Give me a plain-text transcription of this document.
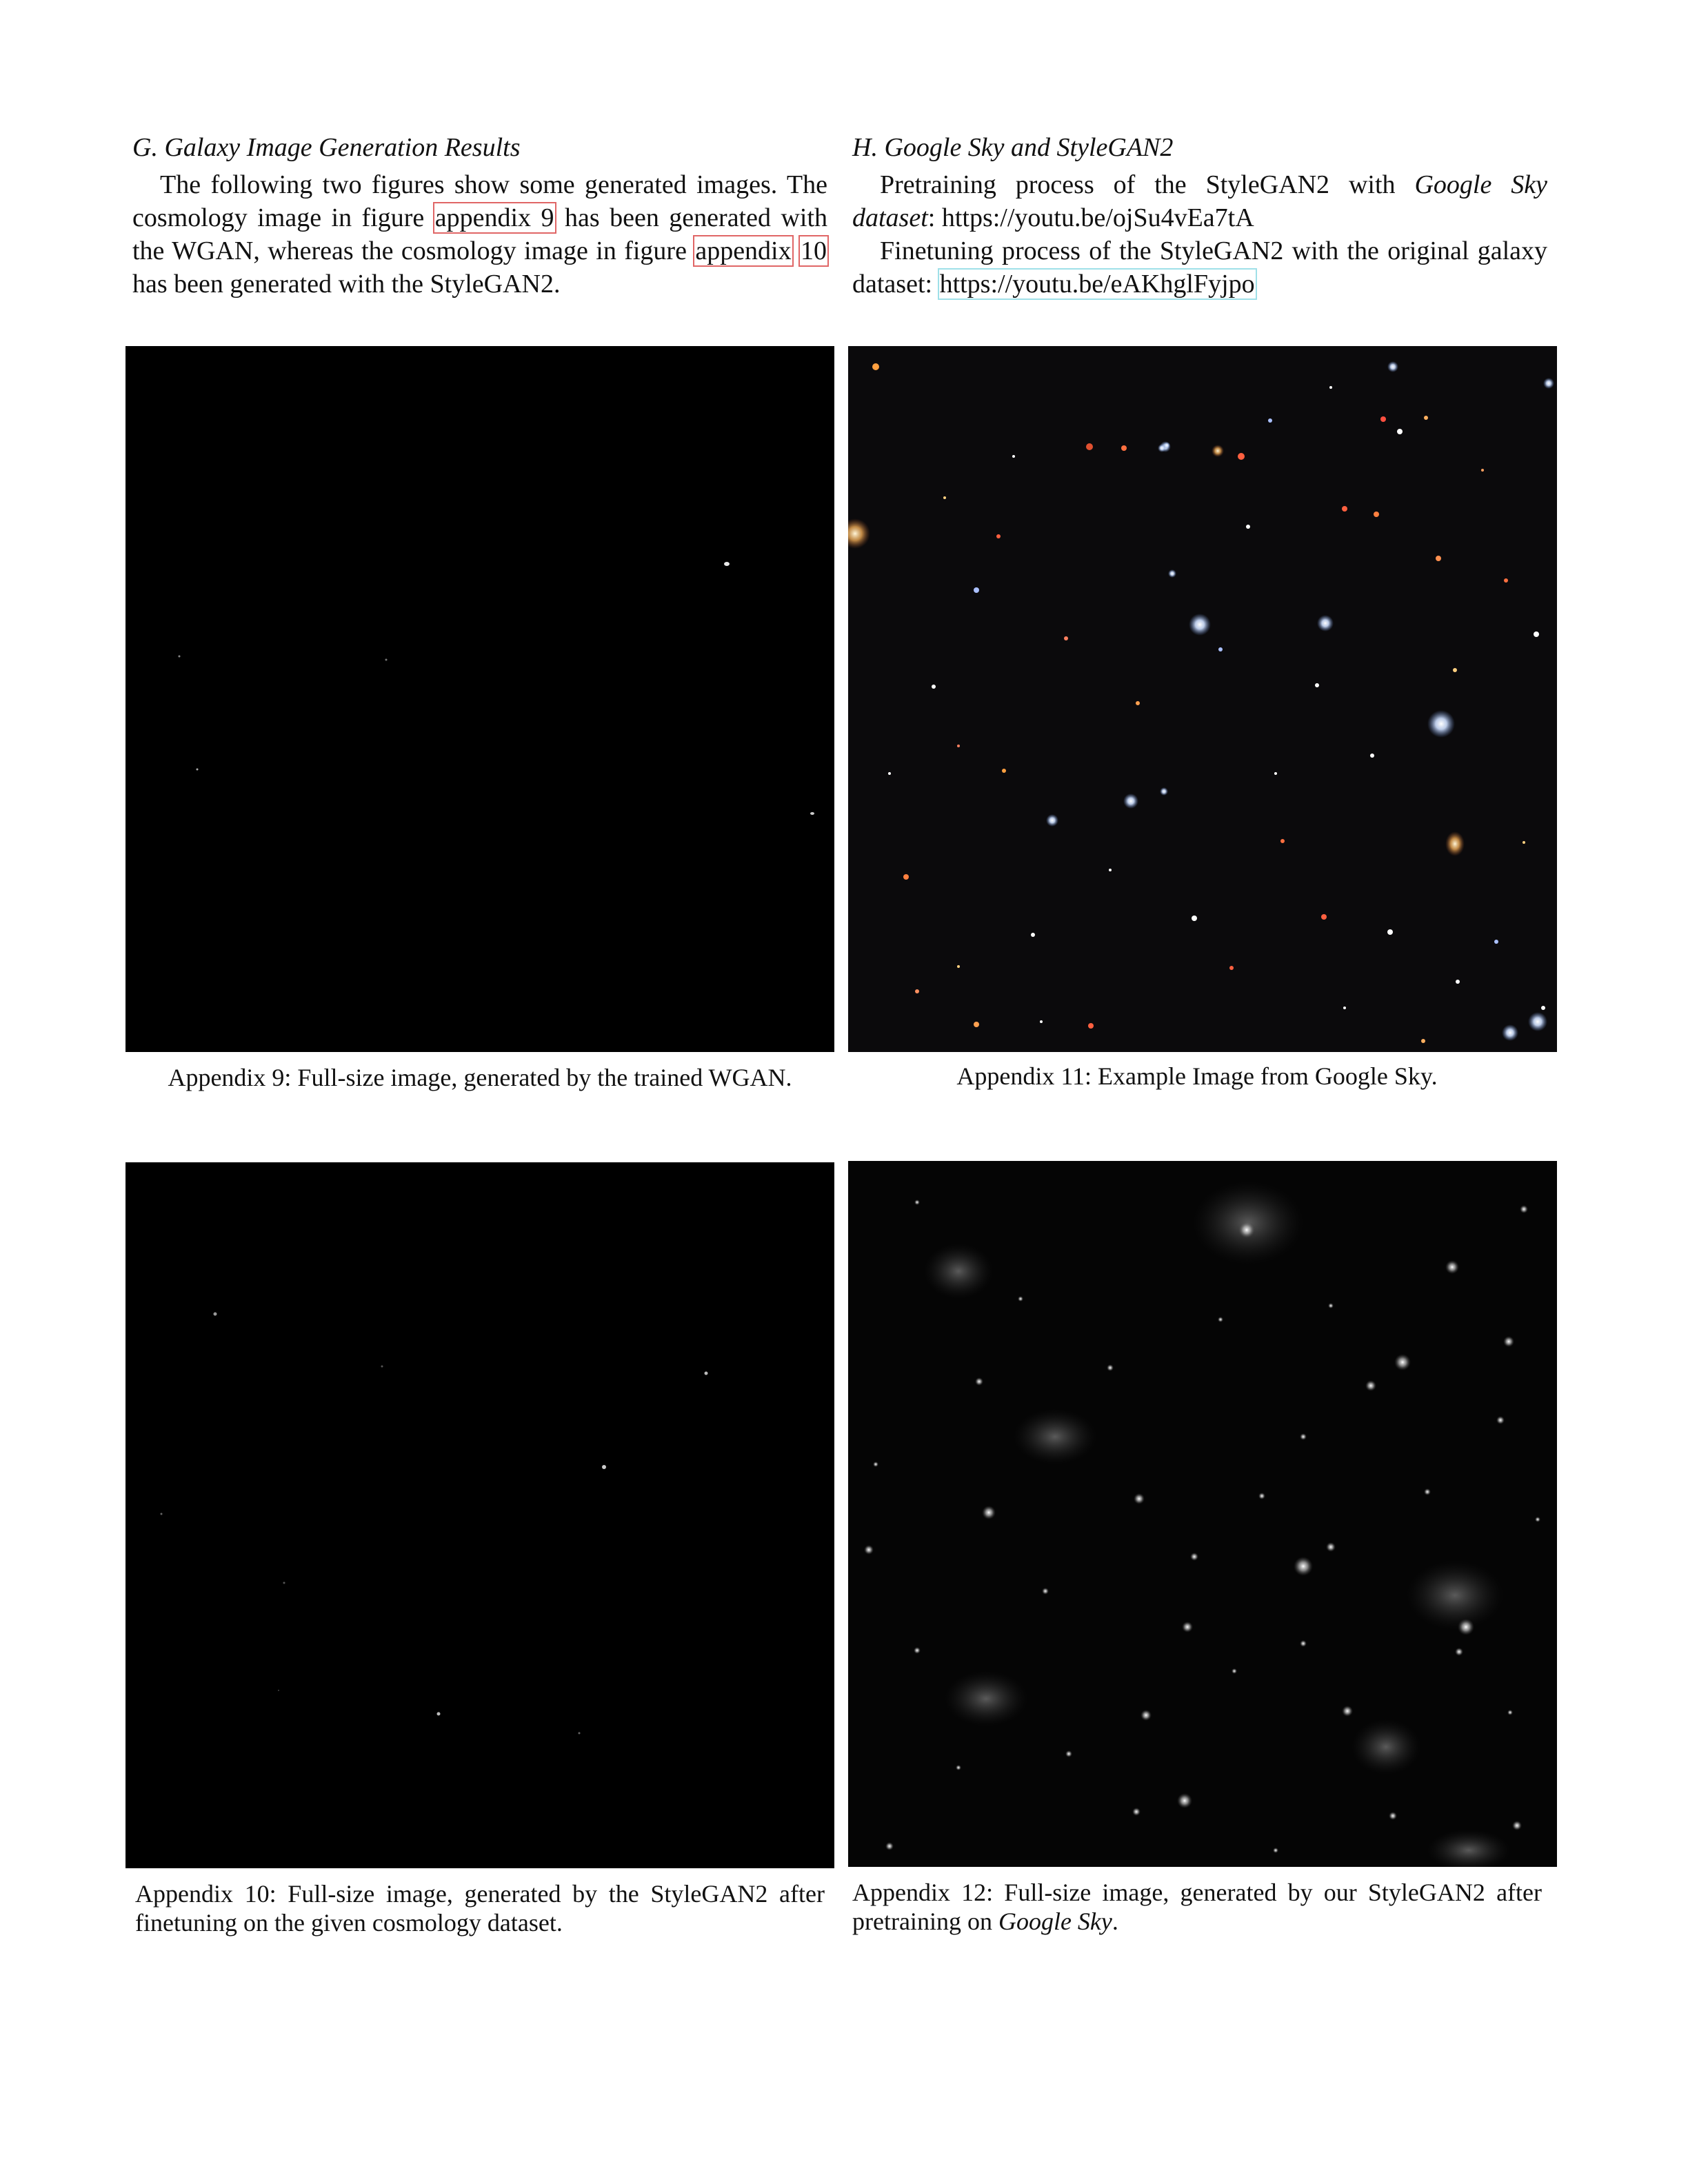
G. Galaxy Image Generation Results

The following two figures show some generated images. The cosmology image in figure appendix 9 has been generated with the WGAN, whereas the cosmology image in figure appendix 10 has been generated with the StyleGAN2.

H. Google Sky and StyleGAN2

Pretraining process of the StyleGAN2 with Google Sky dataset: https://youtu.be/ojSu4vEa7tA

Finetuning process of the StyleGAN2 with the original galaxy dataset: https://youtu.be/eAKhglFyjpo

Appendix 9: Full-size image, generated by the trained WGAN.	Appendix 11: Example Image from Google Sky.
Appendix 10: Full-size image, generated by the StyleGAN2 after finetuning on the given cosmology dataset.
Appendix 12: Full-size image, generated by our StyleGAN2 after pretraining on Google Sky.
